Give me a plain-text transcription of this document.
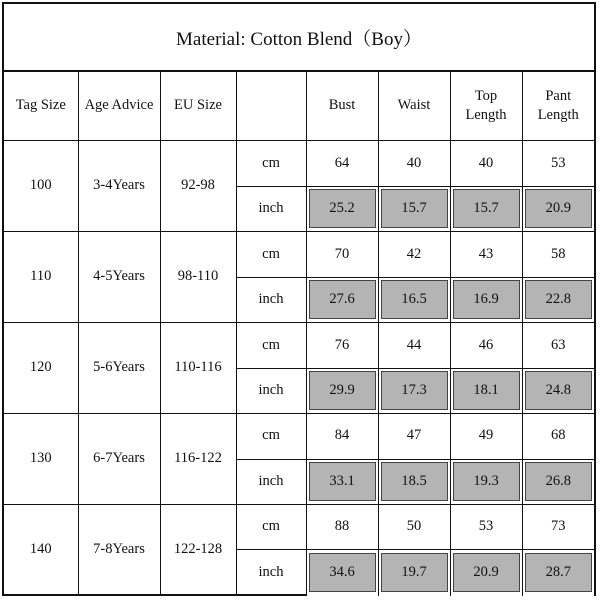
Material: Cotton Blend（Boy）
Tag Size	Age Advice	EU Size		Bust	Waist	Top Length	Pant Length

100	3-4Years	92-98	cm	64	40	40	53
			inch	25.2	15.7	15.7	20.9

110	4-5Years	98-110	cm	70	42	43	58
			inch	27.6	16.5	16.9	22.8

120	5-6Years	110-116	cm	76	44	46	63
			inch	29.9	17.3	18.1	24.8

130	6-7Years	116-122	cm	84	47	49	68
			inch	33.1	18.5	19.3	26.8

140	7-8Years	122-128	cm	88	50	53	73
			inch	34.6	19.7	20.9	28.7
